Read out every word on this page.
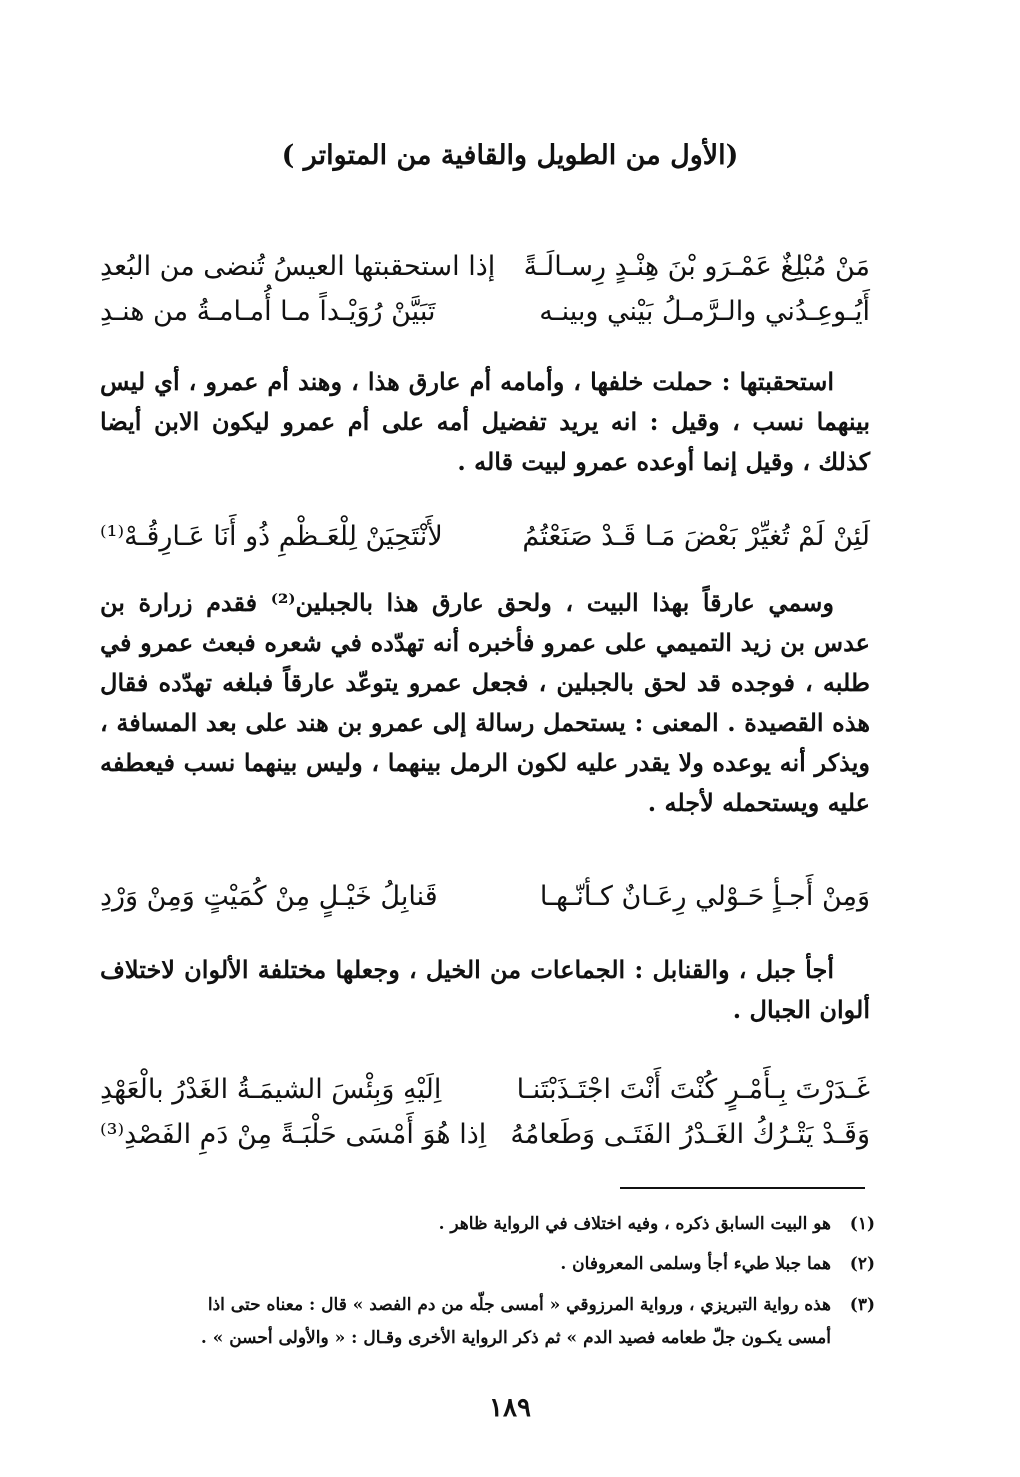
( الأول من الطويل والقافية من المتواتر)
مَنْ مُبْلِغٌ عَمْـرَو بْنَ هِنْـدٍ رِسـالَـةً
إذا استحقبتها العيسُ تُنضى من البُعدِ
أَيُـوعِـدُني والـرَّمـلُ بَيْني وبينـه
تَبَيَّنْ رُوَيْـداً مـا أُمـامـةُ من هنـدِ

استحقبتها : حملت خلفها ، وأمامه أم عارق هذا ، وهند أم عمرو ، أي ليس بينهما نسب ، وقيل : انه يريد تفضيل أمه على أم عمرو ليكون الابن أيضا كذلك ، وقيل إنما أوعده عمرو لبيت قاله .

لَئِنْ لَمْ تُغيِّرْ بَعْضَ مَـا قَـدْ صَنَعْتُمُ
لأَنْتَحِيَنْ لِلْعَـظْمِ ذُو أَنَا عَـارِقُـهْ⁽¹⁾

وسمي عارقاً بهذا البيت ، ولحق عارق هذا بالجبلين⁽²⁾ فقدم زرارة بن عدس بن زيد التميمي على عمرو فأخبره أنه تهدّده في شعره فبعث عمرو في طلبه ، فوجده قد لحق بالجبلين ، فجعل عمرو يتوعّد عارقاً فبلغه تهدّده فقال هذه القصيدة . المعنى : يستحمل رسالة إلى عمرو بن هند على بعد المسافة ، ويذكر أنه يوعده ولا يقدر عليه لكون الرمل بينهما ، وليس بينهما نسب فيعطفه عليه ويستحمله لأجله .

وَمِنْ أَجـأٍ حَـوْلي رِعَـانٌ كـأنّـهـا
قَنابِلُ خَيْـلٍ مِنْ كُمَيْتٍ وَمِنْ وَرْدِ

أجأ جبل ، والقنابل : الجماعات من الخيل ، وجعلها مختلفة الألوان لاختلاف ألوان الجبال .

غَـدَرْتَ بِـأَمْـرٍ كُنْتَ أَنْتَ اجْتَـذَبْتَنـا
اِلَيْهِ وَبِئْسَ الشيمَـةُ الغَدْرُ بالْعَهْدِ
وَقَـدْ يَتْـرُكُ الغَـدْرُ الفَتَـى وَطَعامُهُ
اِذا هُوَ أَمْسَى حَلْبَـةً مِنْ دَمِ الفَصْدِ⁽³⁾
(١)هو البيت السابق ذكره ، وفيه اختلاف في الرواية ظاهر .
(٢)هما جبلا طيء أجأ وسلمى المعروفان .
(٣)هذه رواية التبريزي ، ورواية المرزوقي « أمسى جلّه من دم الفصد » قال : معناه حتى اذا
أمسى يكـون جلّ طعامه فصيد الدم » ثم ذكر الرواية الأخرى وقـال : « والأولى أحسن » .
١٨٩
